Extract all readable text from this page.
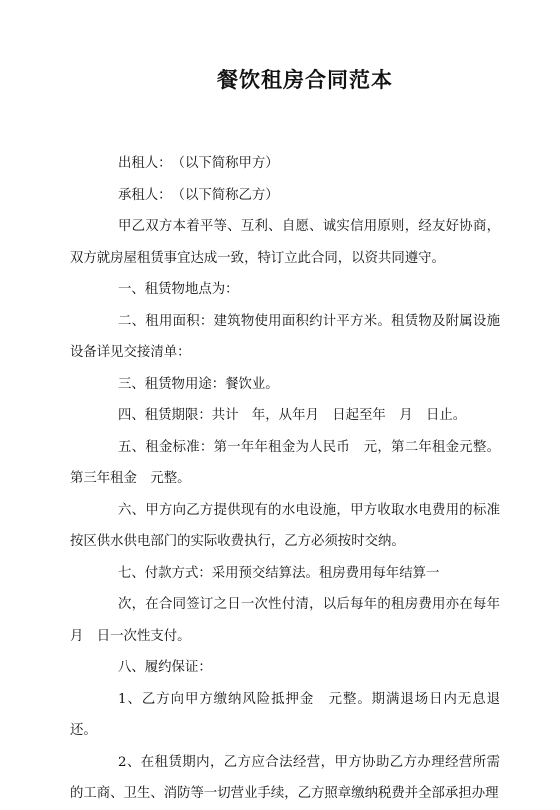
餐饮租房合同范本

出租人：　（以下简称甲方）

承租人：　（以下简称乙方）

甲乙双方本着平等、互利、自愿、诚实信用原则，经友好协商，双方就房屋租赁事宜达成一致，特订立此合同，以资共同遵守。

一、租赁物地点为：

二、租用面积：建筑物使用面积约计平方米。租赁物及附属设施设备详见交接清单：

三、租赁物用途：餐饮业。

四、租赁期限：共计　年，从年月　日起至年　月　日止。

五、租金标准：第一年年租金为人民币　元，第二年租金元整。第三年租金　元整。

六、甲方向乙方提供现有的水电设施，甲方收取水电费用的标准按区供水供电部门的实际收费执行，乙方必须按时交纳。

七、付款方式：采用预交结算法。租房费用每年结算一

次，在合同签订之日一次性付清，以后每年的租房费用亦在每年月　日一次性支付。

八、履约保证：

1、乙方向甲方缴纳风险抵押金　元整。期满退场日内无息退还。

2、在租赁期内，乙方应合法经营，甲方协助乙方办理经营所需的工商、卫生、消防等一切营业手续，乙方照章缴纳税费并全部承担办理
